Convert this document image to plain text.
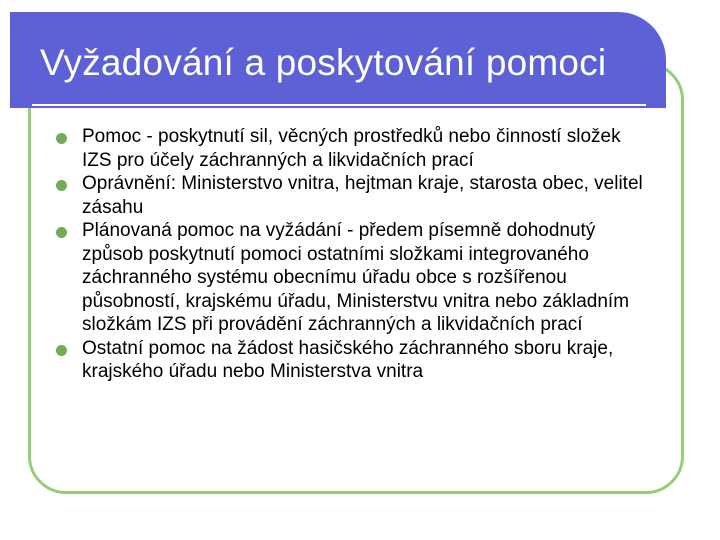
Vyžadování a poskytování pomoci
Pomoc - poskytnutí sil, věcných prostředků nebo činností složek IZS pro účely záchranných a likvidačních prací
Oprávnění: Ministerstvo vnitra, hejtman kraje, starosta obec, velitel zásahu
Plánovaná pomoc na vyžádání - předem písemně dohodnutý způsob poskytnutí pomoci ostatními složkami integrovaného záchranného systému obecnímu úřadu obce s rozšířenou působností, krajskému úřadu, Ministerstvu vnitra nebo základním složkám IZS při provádění záchranných a likvidačních prací
Ostatní pomoc na žádost hasičského záchranného sboru kraje, krajského úřadu nebo Ministerstva vnitra
